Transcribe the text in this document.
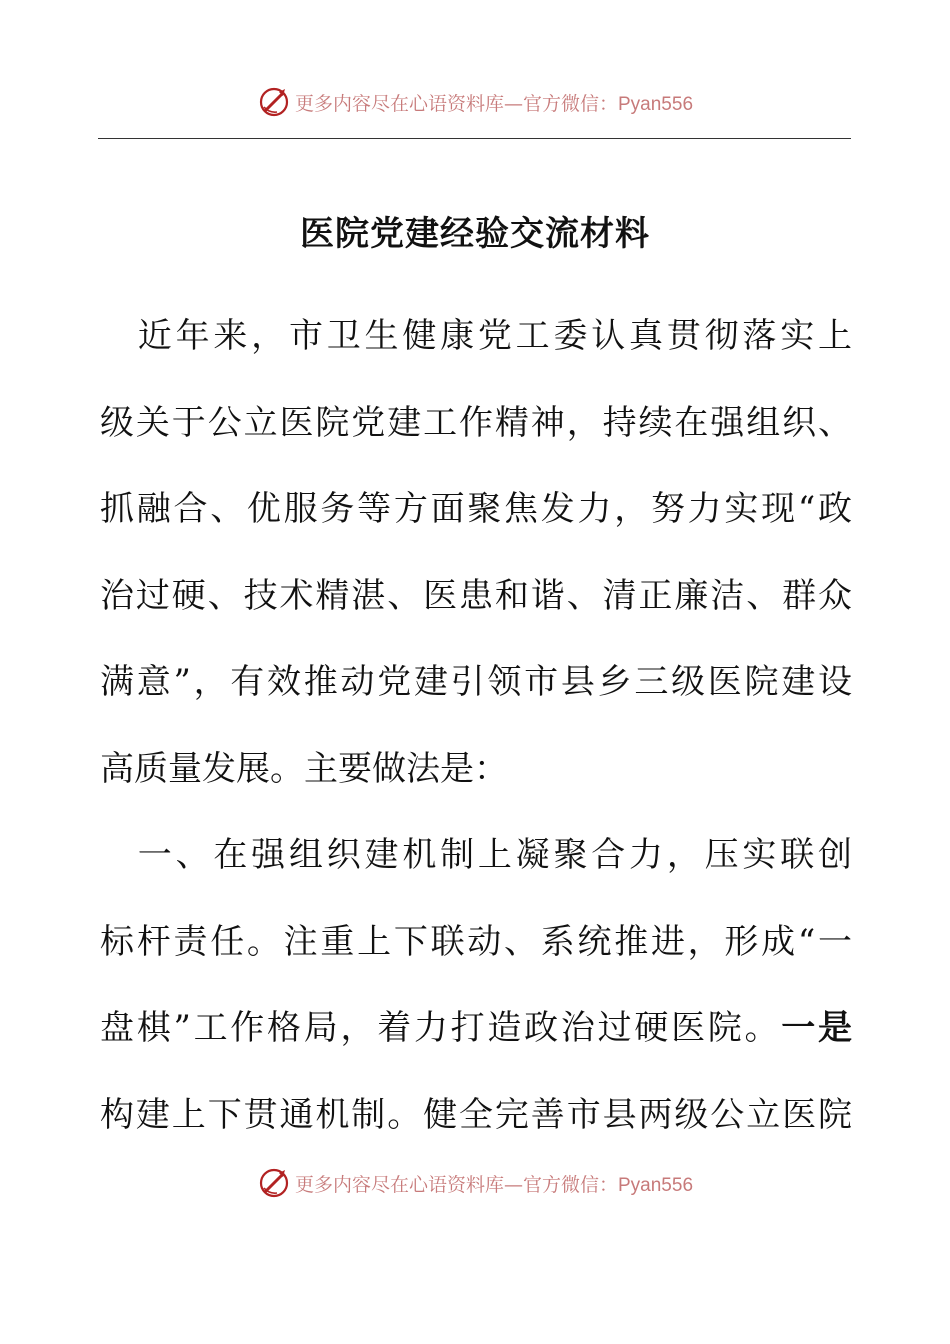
更多内容尽在心语资料库—官方微信：Pyan556
医院党建经验交流材料
　近年来，市卫生健康党工委认真贯彻落实上
级关于公立医院党建工作精神，持续在强组织、
抓融合、优服务等方面聚焦发力，努力实现“政
治过硬、技术精湛、医患和谐、清正廉洁、群众
满意”，有效推动党建引领市县乡三级医院建设
高质量发展。主要做法是：
　一、在强组织建机制上凝聚合力，压实联创
标杆责任。注重上下联动、系统推进，形成“一
盘棋”工作格局，着力打造政治过硬医院。一是
构建上下贯通机制。健全完善市县两级公立医院
更多内容尽在心语资料库—官方微信：Pyan556
